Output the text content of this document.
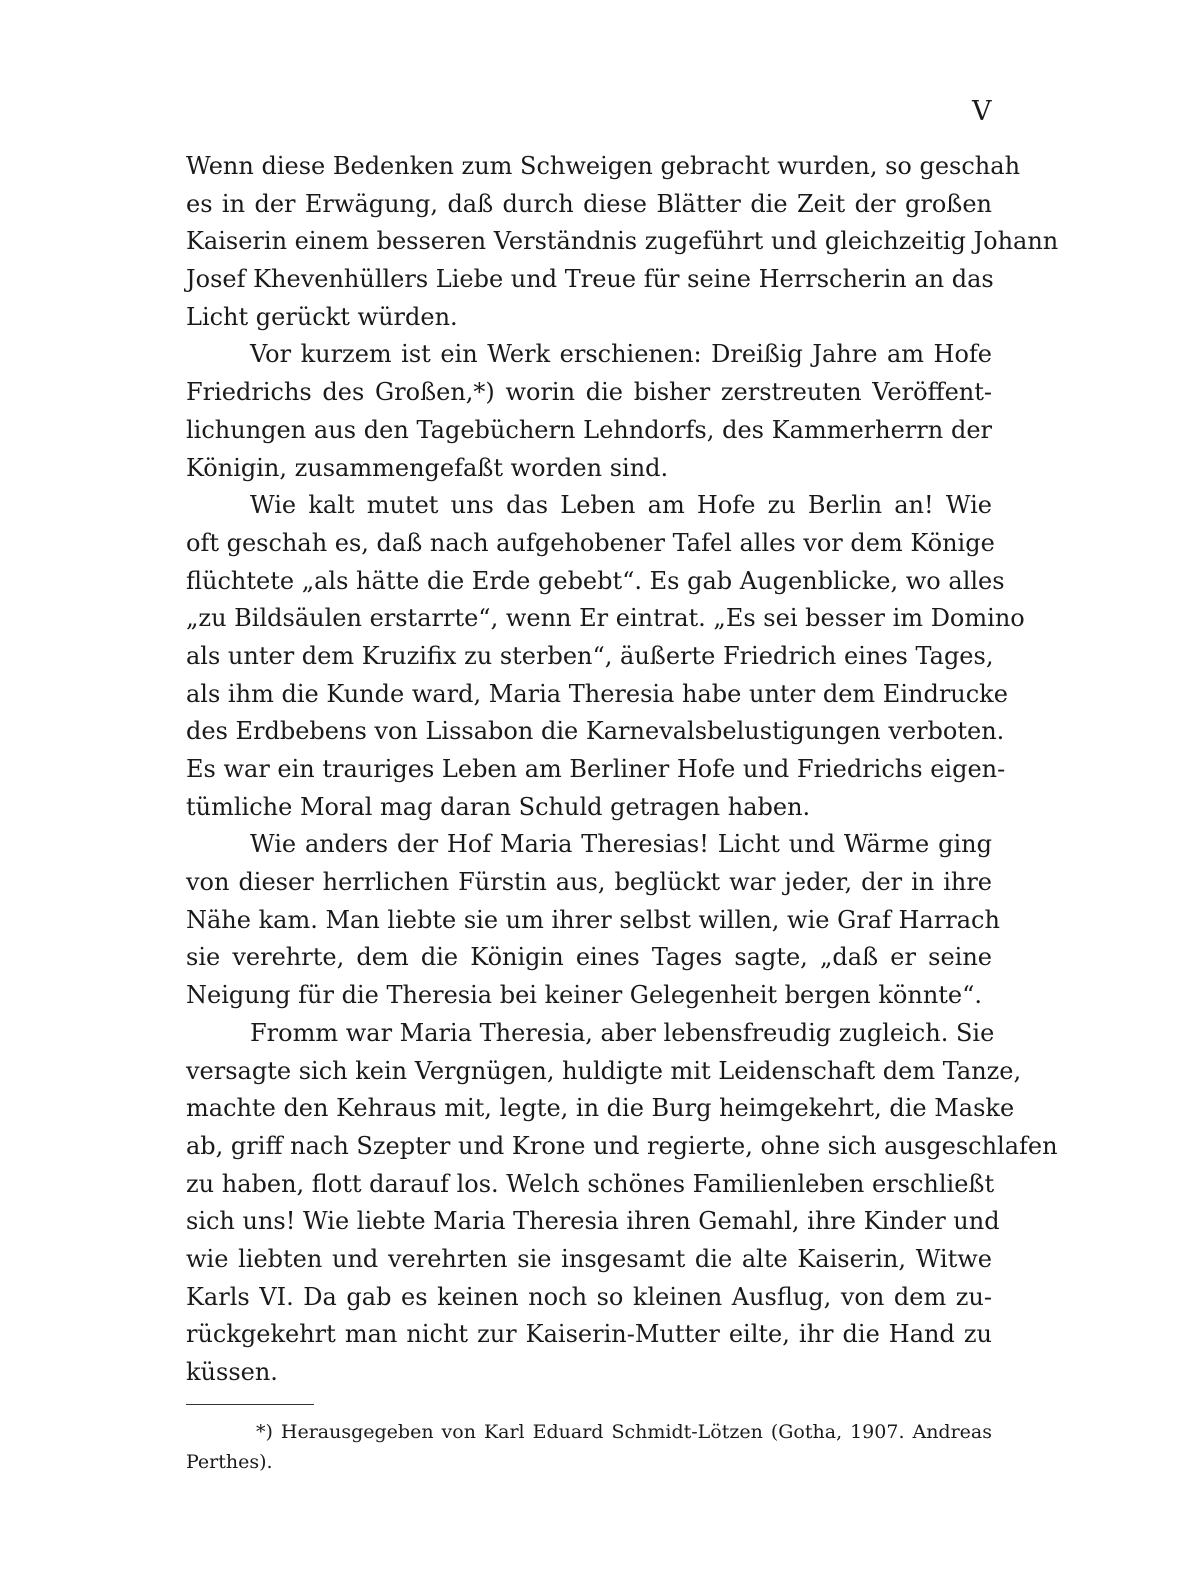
V
Wenn diese Bedenken zum Schweigen gebracht wurden, so geschah
es in der Erwägung, daß durch diese Blätter die Zeit der großen
Kaiserin einem besseren Verständnis zugeführt und gleichzeitig Johann
Josef Khevenhüllers Liebe und Treue für seine Herrscherin an das
Licht gerückt würden.
Vor kurzem ist ein Werk erschienen: Dreißig Jahre am Hofe
Friedrichs des Großen,*) worin die bisher zerstreuten Veröffent-
lichungen aus den Tagebüchern Lehndorfs, des Kammerherrn der
Königin, zusammengefaßt worden sind.
Wie kalt mutet uns das Leben am Hofe zu Berlin an! Wie
oft geschah es, daß nach aufgehobener Tafel alles vor dem Könige
flüchtete „als hätte die Erde gebebt“. Es gab Augenblicke, wo alles
„zu Bildsäulen erstarrte“, wenn Er eintrat. „Es sei besser im Domino
als unter dem Kruzifix zu sterben“, äußerte Friedrich eines Tages,
als ihm die Kunde ward, Maria Theresia habe unter dem Eindrucke
des Erdbebens von Lissabon die Karnevalsbelustigungen verboten.
Es war ein trauriges Leben am Berliner Hofe und Friedrichs eigen-
tümliche Moral mag daran Schuld getragen haben.
Wie anders der Hof Maria Theresias! Licht und Wärme ging
von dieser herrlichen Fürstin aus, beglückt war jeder, der in ihre
Nähe kam. Man liebte sie um ihrer selbst willen, wie Graf Harrach
sie verehrte, dem die Königin eines Tages sagte, „daß er seine
Neigung für die Theresia bei keiner Gelegenheit bergen könnte“.
Fromm war Maria Theresia, aber lebensfreudig zugleich. Sie
versagte sich kein Vergnügen, huldigte mit Leidenschaft dem Tanze,
machte den Kehraus mit, legte, in die Burg heimgekehrt, die Maske
ab, griff nach Szepter und Krone und regierte, ohne sich ausgeschlafen
zu haben, flott darauf los. Welch schönes Familienleben erschließt
sich uns! Wie liebte Maria Theresia ihren Gemahl, ihre Kinder und
wie liebten und verehrten sie insgesamt die alte Kaiserin, Witwe
Karls VI. Da gab es keinen noch so kleinen Ausflug, von dem zu-
rückgekehrt man nicht zur Kaiserin-Mutter eilte, ihr die Hand zu
küssen.
*) Herausgegeben von Karl Eduard Schmidt-Lötzen (Gotha, 1907. Andreas
Perthes).
